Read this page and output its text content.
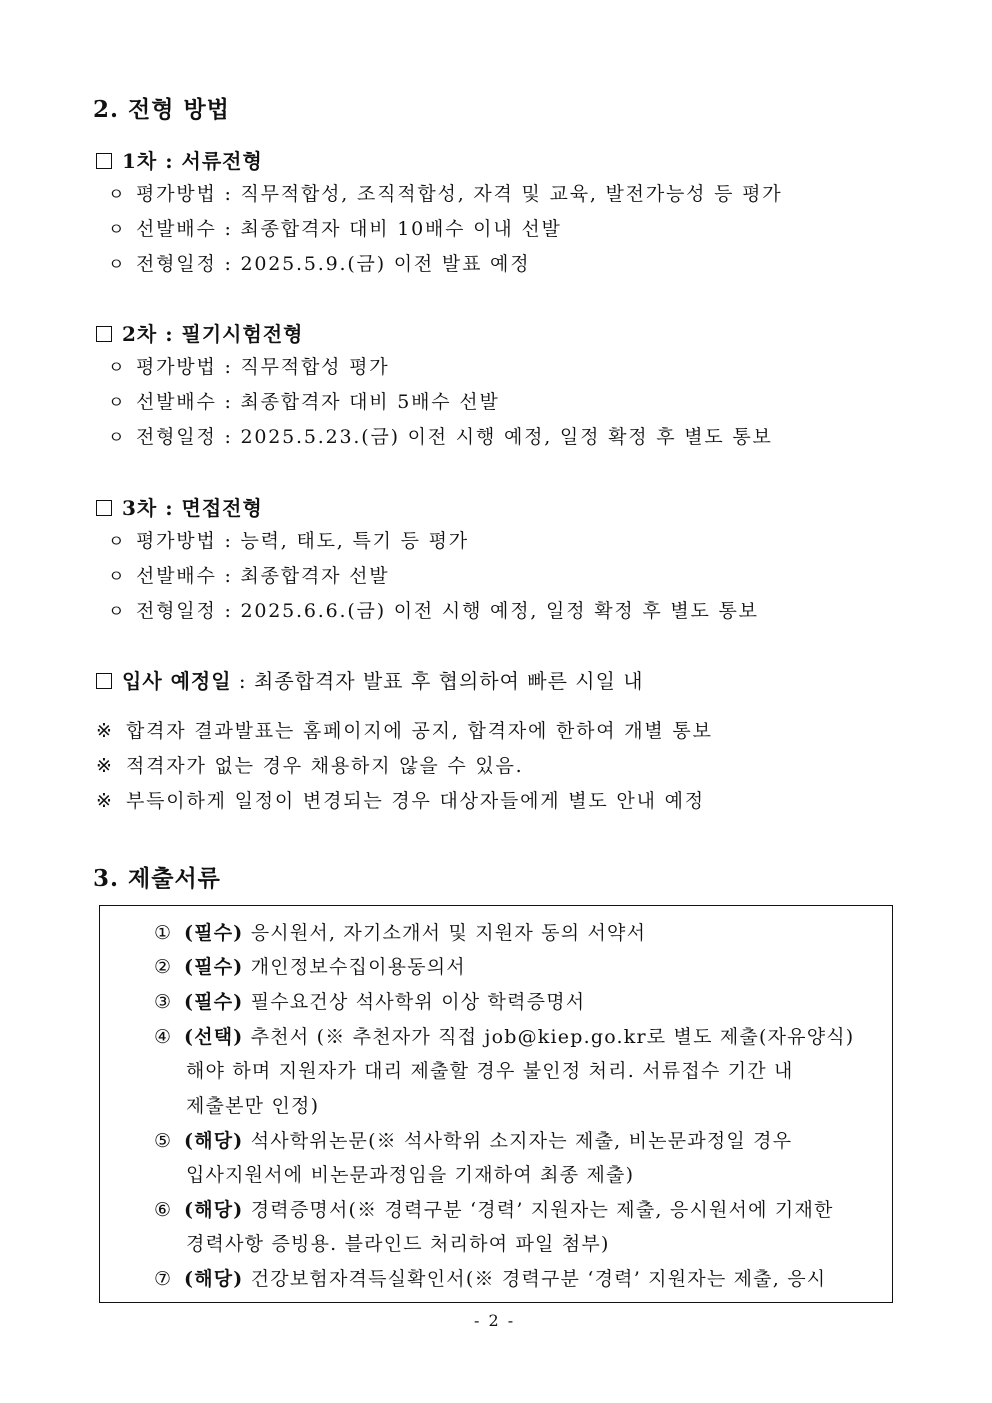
2. 전형 방법
1차 : 서류전형
ㅇ 평가방법 : 직무적합성, 조직적합성, 자격 및 교육, 발전가능성 등 평가
ㅇ 선발배수 : 최종합격자 대비 10배수 이내 선발
ㅇ 전형일정 : 2025.5.9.(금) 이전 발표 예정
2차 : 필기시험전형
ㅇ 평가방법 : 직무적합성 평가
ㅇ 선발배수 : 최종합격자 대비 5배수 선발
ㅇ 전형일정 : 2025.5.23.(금) 이전 시행 예정, 일정 확정 후 별도 통보
3차 : 면접전형
ㅇ 평가방법 : 능력, 태도, 특기 등 평가
ㅇ 선발배수 : 최종합격자 선발
ㅇ 전형일정 : 2025.6.6.(금) 이전 시행 예정, 일정 확정 후 별도 통보
입사 예정일 : 최종합격자 발표 후 협의하여 빠른 시일 내
※ 합격자 결과발표는 홈페이지에 공지, 합격자에 한하여 개별 통보
※ 적격자가 없는 경우 채용하지 않을 수 있음.
※ 부득이하게 일정이 변경되는 경우 대상자들에게 별도 안내 예정
3. 제출서류
① (필수) 응시원서, 자기소개서 및 지원자 동의 서약서
② (필수) 개인정보수집이용동의서
③ (필수) 필수요건상 석사학위 이상 학력증명서
④ (선택) 추천서 (※ 추천자가 직접 job@kiep.go.kr로 별도 제출(자유양식)
해야 하며 지원자가 대리 제출할 경우 불인정 처리. 서류접수 기간 내
제출본만 인정)
⑤ (해당) 석사학위논문(※ 석사학위 소지자는 제출, 비논문과정일 경우
입사지원서에 비논문과정임을 기재하여 최종 제출)
⑥ (해당) 경력증명서(※ 경력구분 ‘경력’ 지원자는 제출, 응시원서에 기재한
경력사항 증빙용. 블라인드 처리하여 파일 첨부)
⑦ (해당) 건강보험자격득실확인서(※ 경력구분 ‘경력’ 지원자는 제출, 응시
- 2 -
